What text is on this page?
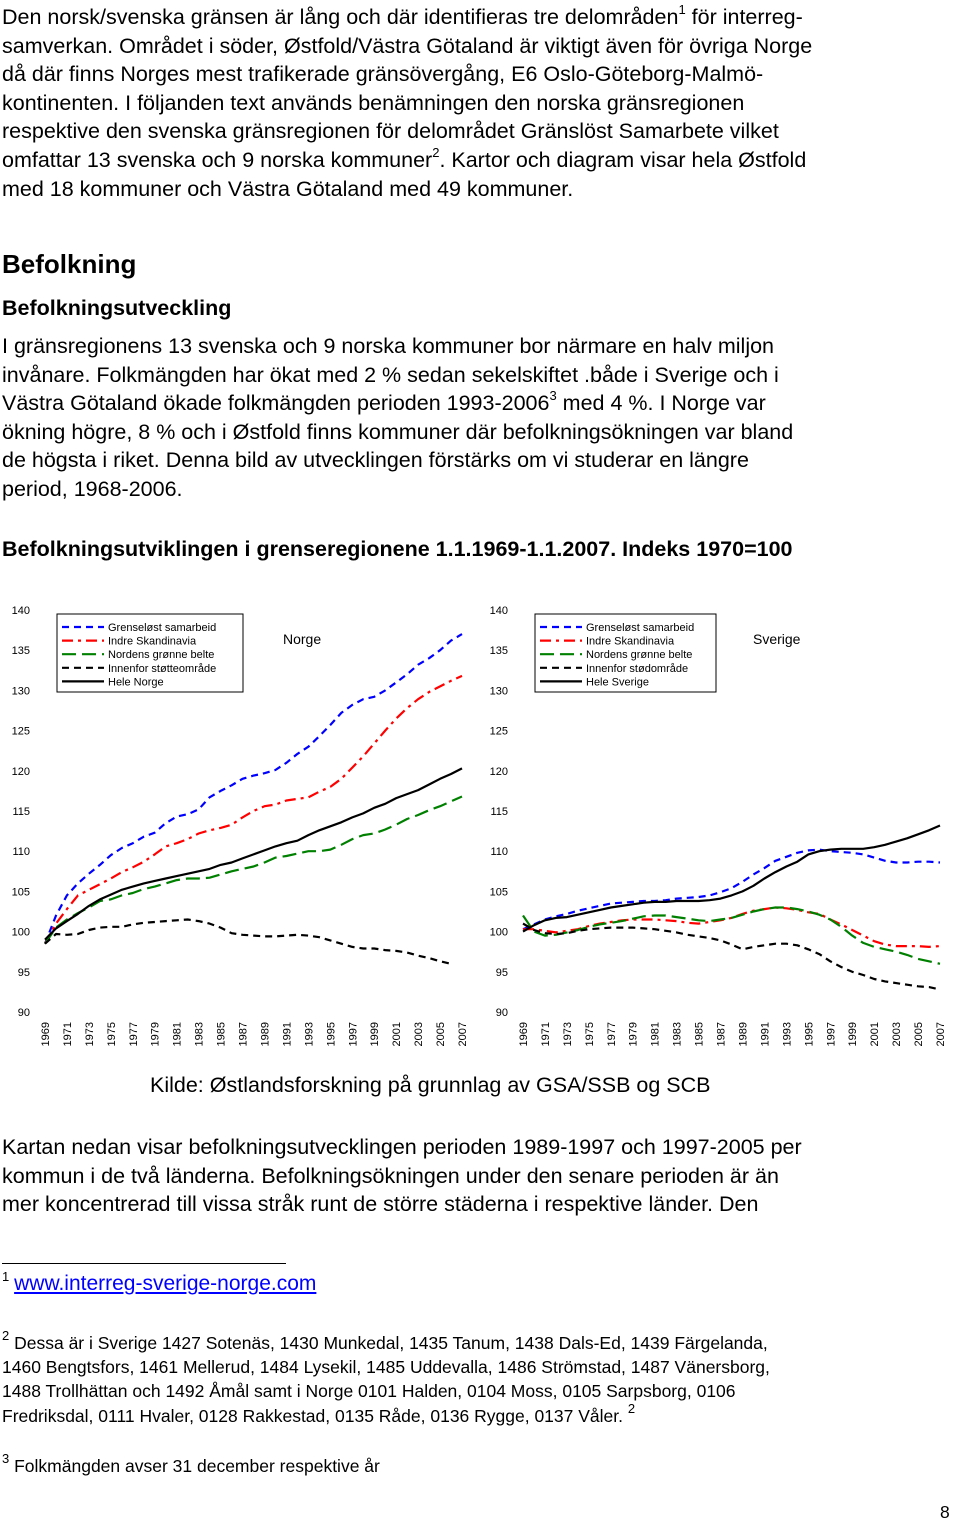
Den norsk/svenska gränsen är lång och där identifieras tre delområden$^1$ för interreg-
samverkan. Området i söder, Østfold/Västra Götaland är viktigt även för övriga Norge
då där finns Norges mest trafikerade gränsövergång, E6 Oslo-Göteborg-Malmö-
kontinenten. I följanden text används benämningen den norska gränsregionen
respektive den svenska gränsregionen för delområdet Gränslöst Samarbete vilket
omfattar 13 svenska och 9 norska kommuner$^2$. Kartor och diagram visar hela Østfold
med 18 kommuner och Västra Götaland med 49 kommuner.
Befolkning
Befolkningsutveckling
I gränsregionens 13 svenska och 9 norska kommuner bor närmare en halv miljon
invånare. Folkmängden har ökat med 2 % sedan sekelskiftet .både i Sverige och i
Västra Götaland ökade folkmängden perioden 1993-2006$^3$ med 4 %. I Norge var
ökning högre, 8 % och i Østfold finns kommuner där befolkningsökningen var bland
de högsta i riket. Denna bild av utvecklingen förstärks om vi studerar en längre
period, 1968-2006.
Befolkningsutviklingen i grenseregionene 1.1.1969-1.1.2007. Indeks 1970=100
90
95
100
105
110
115
120
125
130
135
140
1969 1971 1973 1975 1977 1979 1981 1983 1985 1987 1989 1991 1993 1995 1997 1999 2001 2003 2005 2007
Norge
Grenseløst samarbeid
Indre Skandinavia
Nordens grønne belte
Innenfor støtteområde
Hele Norge
90
95
100
105
110
115
120
125
130
135
140
1969 1971 1973 1975 1977 1979 1981 1983 1985 1987 1989 1991 1993 1995 1997 1999 2001 2003 2005 2007
Sverige
Grenseløst samarbeid
Indre Skandinavia
Nordens grønne belte
Innenfor stødområde
Hele Sverige
Kilde: Østlandsforskning på grunnlag av GSA/SSB og SCB
Kartan nedan visar befolkningsutvecklingen perioden 1989-1997 och 1997-2005 per
kommun i de två länderna. Befolkningsökningen under den senare perioden är än
mer koncentrerad till vissa stråk runt de större städerna i respektive länder. Den
$^1$ www.interreg-sverige-norge.com
$^2$ Dessa är i Sverige 1427 Sotenäs, 1430 Munkedal, 1435 Tanum, 1438 Dals-Ed, 1439 Färgelanda,
1460 Bengtsfors, 1461 Mellerud, 1484 Lysekil, 1485 Uddevalla, 1486 Strömstad, 1487 Vänersborg,
1488 Trollhättan och 1492 Åmål samt i Norge 0101 Halden, 0104 Moss, 0105 Sarpsborg, 0106
Fredriksdal, 0111 Hvaler, 0128 Rakkestad, 0135 Råde, 0136 Rygge, 0137 Våler. $^2$
$^3$ Folkmängden avser 31 december respektive år
8
